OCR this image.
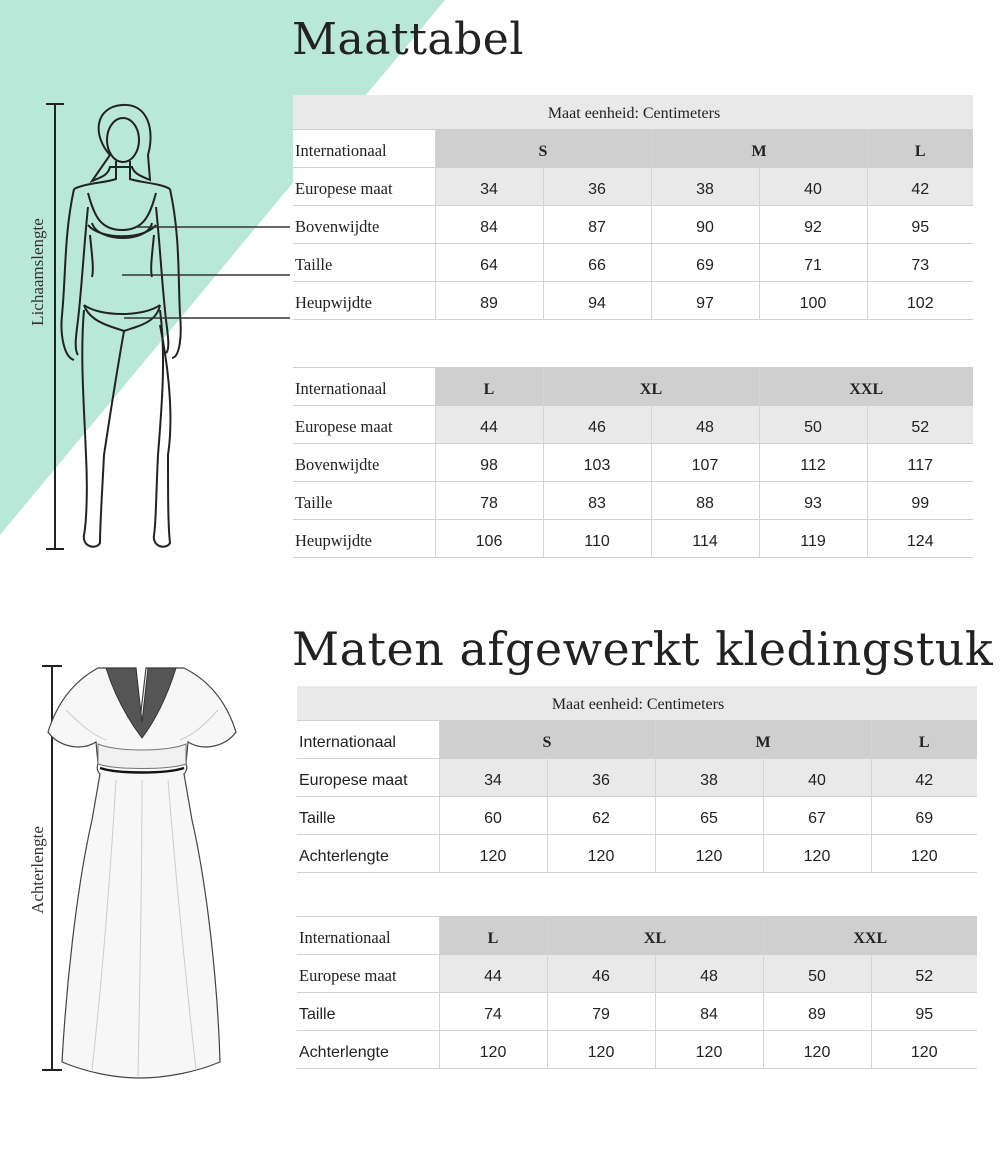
Maattabel
Lichaamslengte
Maat eenheid: Centimeters					
Internationaal	S		M		L
Europese maat	34	36	38	40	42
Bovenwijdte	84	87	90	92	95
Taille	64	66	69	71	73
Heupwijdte	89	94	97	100	102
Internationaal	L	XL		XXL	
Europese maat	44	46	48	50	52
Bovenwijdte	98	103	107	112	117
Taille	78	83	88	93	99
Heupwijdte	106	110	114	119	124
Maten afgewerkt kledingstuk
Achterlengte
Maat eenheid: Centimeters					
Internationaal	S		M		L
Europese maat	34	36	38	40	42
Taille	60	62	65	67	69
Achterlengte	120	120	120	120	120
Internationaal	L	XL		XXL	
Europese maat	44	46	48	50	52
Taille	74	79	84	89	95
Achterlengte	120	120	120	120	120
